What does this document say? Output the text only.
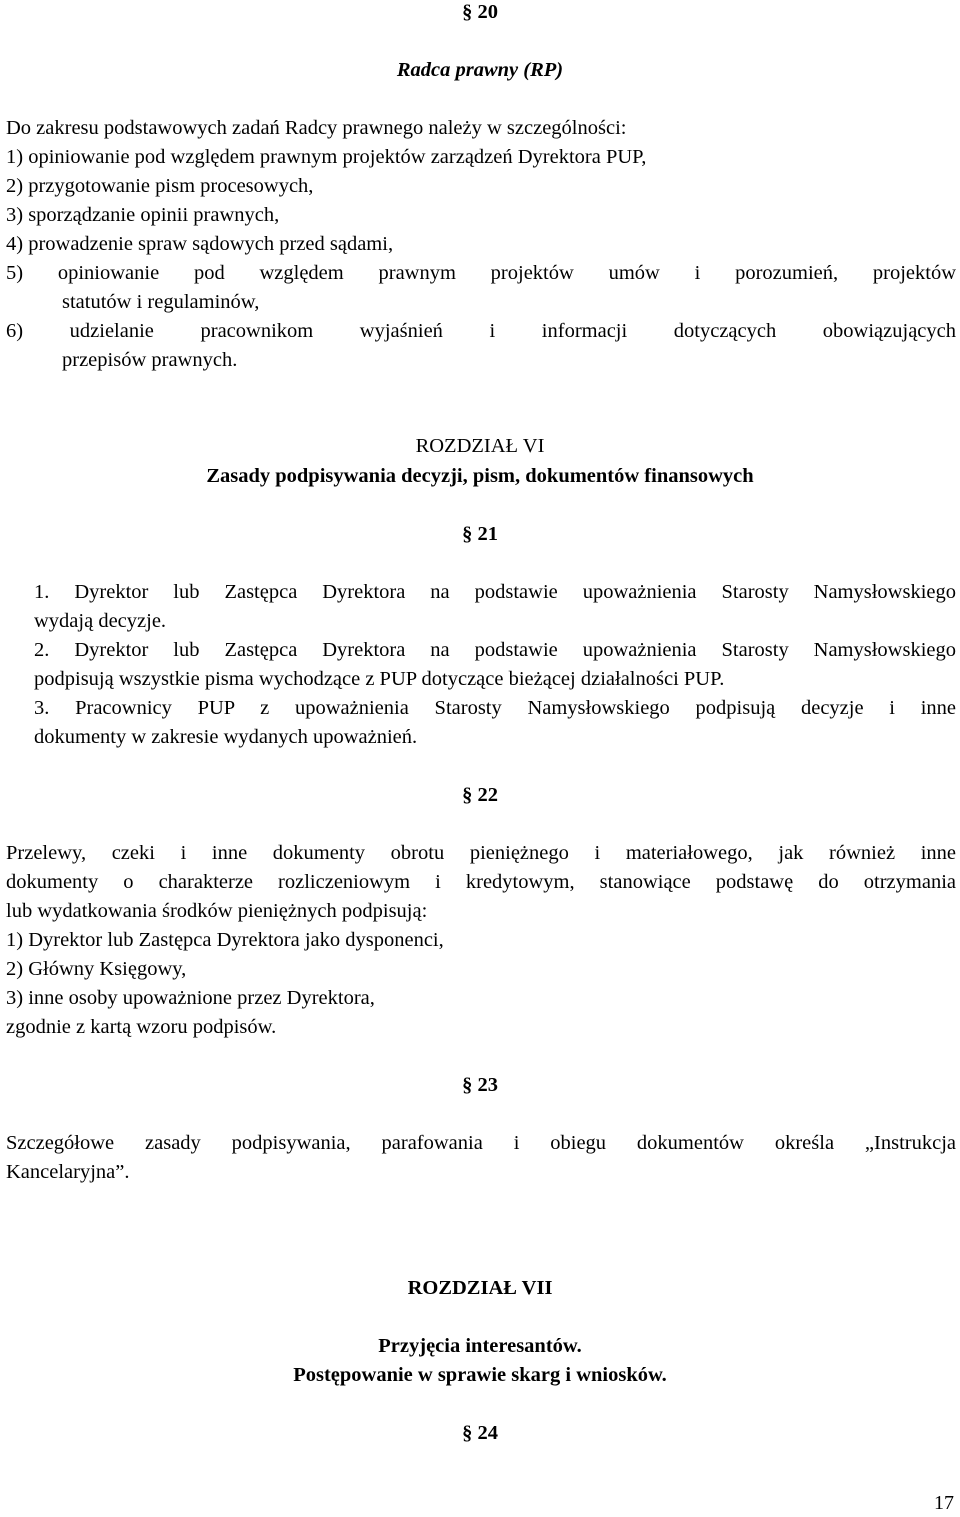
§ 20
Radca prawny (RP)
Do zakresu podstawowych zadań Radcy prawnego należy w szczególności:
1) opiniowanie pod względem prawnym projektów zarządzeń Dyrektora PUP,
2) przygotowanie pism procesowych,
3) sporządzanie opinii prawnych,
4) prowadzenie spraw sądowych przed sądami,
5) opiniowanie pod względem prawnym projektów umów i porozumień, projektów
statutów i regulaminów,
6) udzielanie pracownikom wyjaśnień i informacji dotyczących obowiązujących
przepisów prawnych.
ROZDZIAŁ VI
Zasady podpisywania decyzji, pism, dokumentów finansowych
§ 21
1. Dyrektor lub Zastępca Dyrektora na podstawie upoważnienia Starosty Namysłowskiego
wydają decyzje.
2. Dyrektor lub Zastępca Dyrektora na podstawie upoważnienia Starosty Namysłowskiego
podpisują wszystkie pisma wychodzące z PUP dotyczące bieżącej działalności PUP.
3. Pracownicy PUP z upoważnienia Starosty Namysłowskiego podpisują decyzje i inne
dokumenty w zakresie wydanych upoważnień.
§ 22
Przelewy, czeki i inne dokumenty obrotu pieniężnego i materiałowego, jak również inne
dokumenty o charakterze rozliczeniowym i kredytowym, stanowiące podstawę do otrzymania
lub wydatkowania środków pieniężnych podpisują:
1) Dyrektor lub Zastępca Dyrektora jako dysponenci,
2) Główny Księgowy,
3) inne osoby upoważnione przez Dyrektora,
zgodnie z kartą wzoru podpisów.
§ 23
Szczegółowe zasady podpisywania, parafowania i obiegu dokumentów określa „Instrukcja
Kancelaryjna”.
ROZDZIAŁ VII
Przyjęcia interesantów.
Postępowanie w sprawie skarg i wniosków.
§ 24
17
